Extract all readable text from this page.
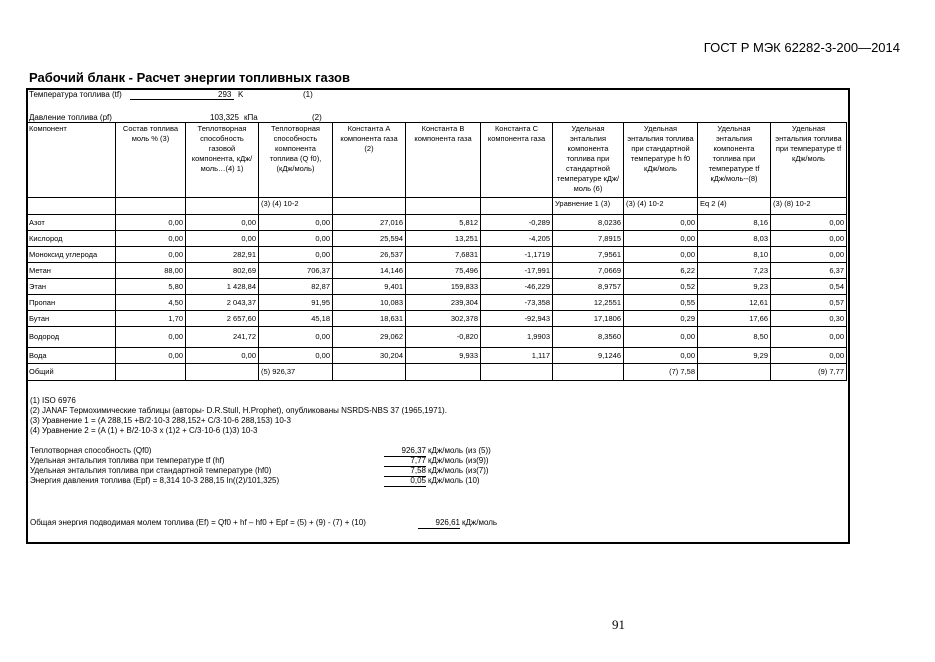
ГОСТ Р МЭК 62282-3-200—2014
Рабочий бланк - Расчет энергии топливных газов
Температура топлива (tf)	293 K	(1)
Давление топлива (pf)	103,325 кПа	(2)
Компонент	Состав топлива моль % (3)	Теплотворная способность газовой компонента, кДж/моль…(4) 1)	Теплотворная способность компонента топлива (Q f0), (кДж/моль)	Константа А компонента газа (2)	Константа В компонента газа	Константа С компонента газа	Удельная энтальпия компонента топлива при стандартной температуре кДж/моль (6)	Удельная энтальпия топлива при стандартной температуре h f0 кДж/моль	Удельная энтальпия компонента топлива при температуре tf кДж/моль--(8)	Удельная энтальпия топлива при температуре tf кДж/моль
			(3) (4) 10-2				Уравнение 1 (3)	(3) (4) 10-2	Eq 2 (4)	(3) (8) 10-2
Азот	0,00	0,00	0,00	27,016	5,812	-0,289	8,0236	0,00	8,16	0,00
Кислород	0,00	0,00	0,00	25,594	13,251	-4,205	7,8915	0,00	8,03	0,00
Моноксид углерода	0,00	282,91	0,00	26,537	7,6831	-1,1719	7,9561	0,00	8,10	0,00
Метан	88,00	802,69	706,37	14,146	75,496	-17,991	7,0669	6,22	7,23	6,37
Этан	5,80	1 428,84	82,87	9,401	159,833	-46,229	8,9757	0,52	9,23	0,54
Пропан	4,50	2 043,37	91,95	10,083	239,304	-73,358	12,2551	0,55	12,61	0,57
Бутан	1,70	2 657,60	45,18	18,631	302,378	-92,943	17,1806	0,29	17,66	0,30
Водород	0,00	241,72	0,00	29,062	-0,820	1,9903	8,3560	0,00	8,50	0,00
Вода	0,00	0,00	0,00	30,204	9,933	1,117	9,1246	0,00	9,29	0,00
Общий			(5) 926,37					(7) 7,58		(9) 7,77
(1) ISO 6976
(2) JANAF Термохимические таблицы (авторы- D.R.Stull, H.Prophet), опубликованы NSRDS-NBS 37 (1965,1971).
(3) Уравнение 1 = (A 288,15 +B/2·10-3 288,152+ C/3·10-6 288,153) 10-3
(4) Уравнение 2 = (A (1) + B/2·10-3 x (1)2 + C/3·10-6 (1)3) 10-3
Теплотворная способность (Qf0)	926,37 кДж/моль (из (5))
Удельная энтальпия топлива при температуре tf (hf)	7,77 кДж/моль (из(9))
Удельная энтальпия топлива при стандартной температуре (hf0)	7,58 кДж/моль (из(7))
Энергия давления топлива (Epf) = 8,314 10-3 288,15 ln((2)/101,325)	0,05 кДж/моль (10)
Общая энергия подводимая молем топлива (Ef) = Qf0 + hf – hf0 + Epf = (5) + (9) - (7) + (10)	926,61 кДж/моль
91
